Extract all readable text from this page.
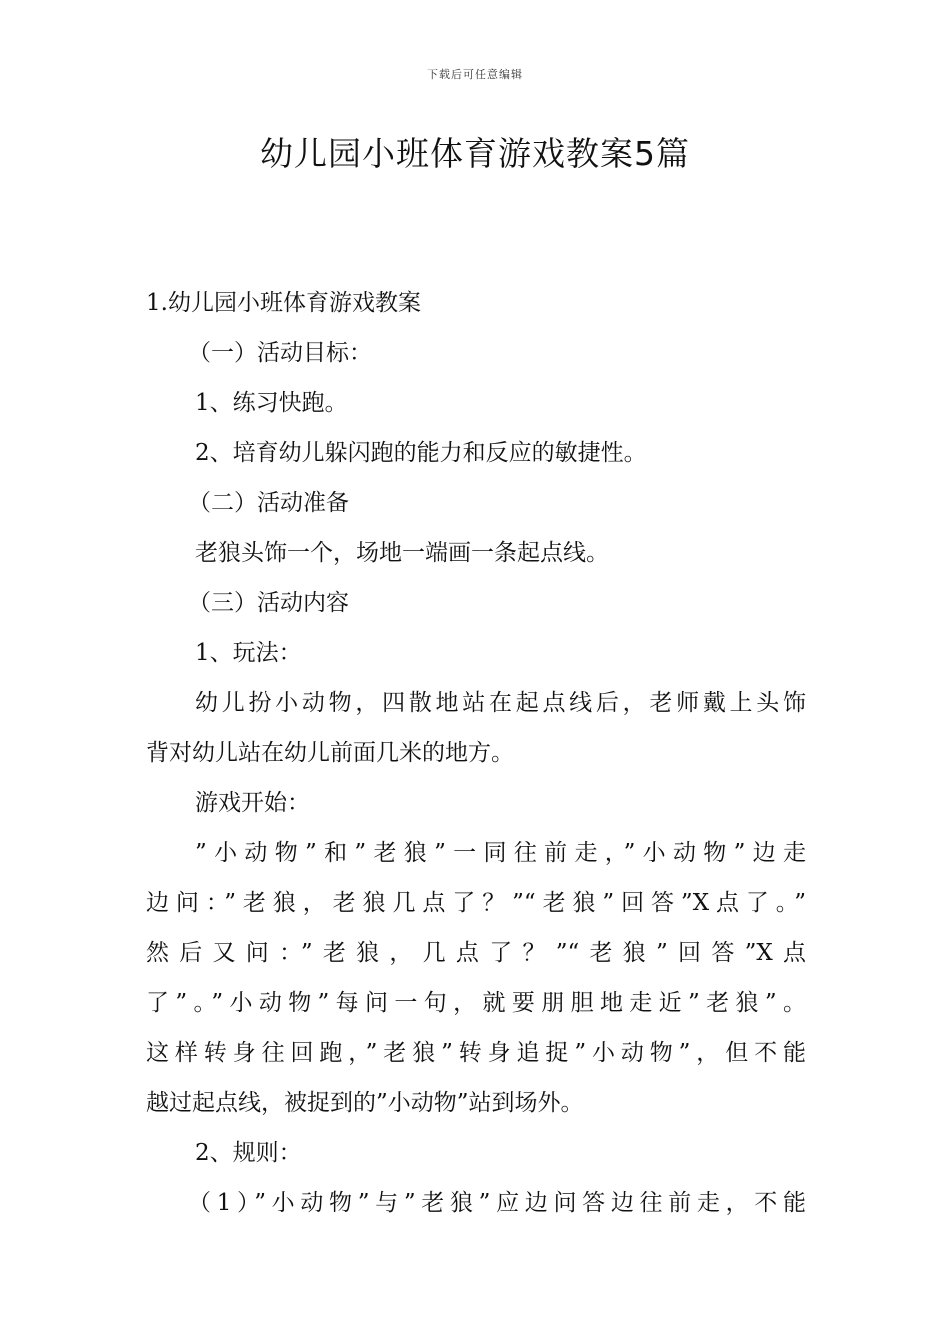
下载后可任意编辑
幼儿园小班体育游戏教案5篇
1.幼儿园小班体育游戏教案
（一）活动目标：
1、练习快跑。
2、培育幼儿躲闪跑的能力和反应的敏捷性。
（二）活动准备
老狼头饰一个，场地一端画一条起点线。
（三）活动内容
1、玩法：
幼儿扮小动物，四散地站在起点线后，老师戴上头饰
背对幼儿站在幼儿前面几米的地方。
游戏开始：
”小动物”和”老狼”一同往前走，”小动物”边走
边问：”老狼，老狼几点了？”“老狼”回答”X点了。”
然后又问：”老狼，几点了？”“老狼”回答”X点
了”。”小动物”每问一句，就要朋胆地走近”老狼”。
这样转身往回跑，”老狼”转身追捉”小动物”，但不能
越过起点线，被捉到的”小动物”站到场外。
2、规则：
（1）”小动物”与”老狼”应边问答边往前走，不能
